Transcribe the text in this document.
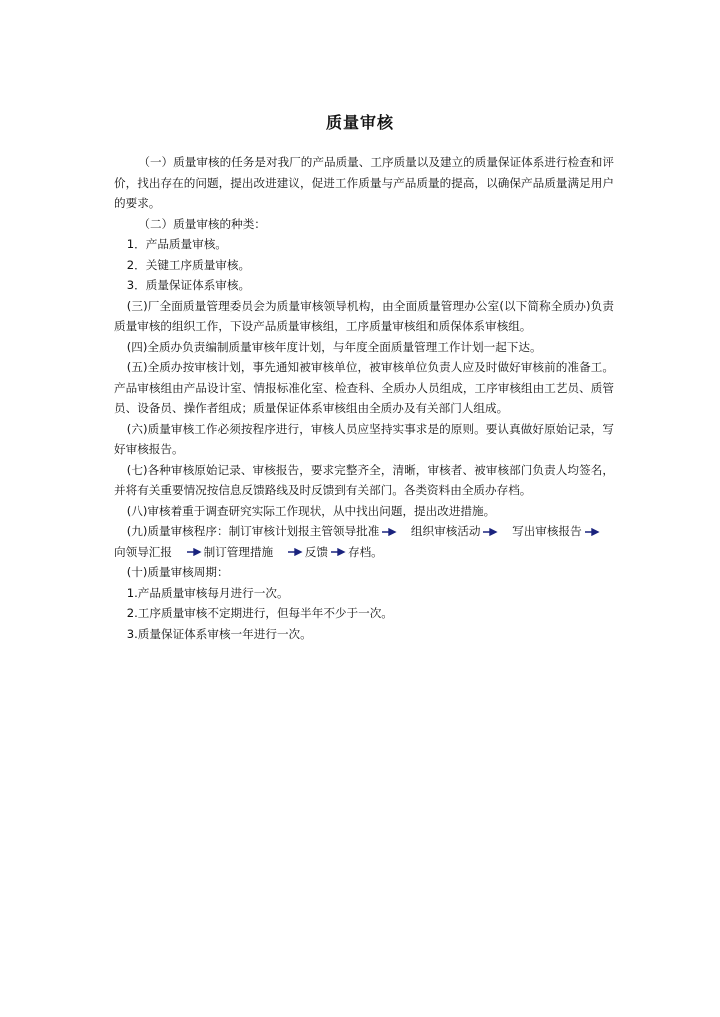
质量审核

（一）质量审核的任务是对我厂的产品质量、工序质量以及建立的质量保证体系进行检查和评价，找出存在的问题，提出改进建议，促进工作质量与产品质量的提高，以确保产品质量满足用户的要求。

（二）质量审核的种类：

1．产品质量审核。

2．关键工序质量审核。

3．质量保证体系审核。

(三)厂全面质量管理委员会为质量审核领导机构，由全面质量管理办公室(以下简称全质办)负责质量审核的组织工作，下设产品质量审核组，工序质量审核组和质保体系审核组。

(四)全质办负责编制质量审核年度计划，与年度全面质量管理工作计划一起下达。

(五)全质办按审核计划，事先通知被审核单位，被审核单位负责人应及时做好审核前的准备工。产品审核组由产品设计室、情报标准化室、检查科、全质办人员组成，工序审核组由工艺员、质管员、设备员、操作者组成；质量保证体系审核组由全质办及有关部门人组成。

(六)质量审核工作必须按程序进行，审核人员应坚持实事求是的原则。要认真做好原始记录，写好审核报告。

(七)各种审核原始记录、审核报告，要求完整齐全，清晰，审核者、被审核部门负责人均签名，并将有关重要情况按信息反馈路线及时反馈到有关部门。各类资料由全质办存档。

(八)审核着重于调查研究实际工作现状，从中找出问题，提出改进措施。

(九)质量审核程序：制订审核计划报主管领导批准
　	组织审核活动
　	写出审核报告

向领导汇报　	制订管理措施　	反馈 存档。

(十)质量审核周期：

1.产品质量审核每月进行一次。

2.工序质量审核不定期进行，但每半年不少于一次。

3.质量保证体系审核一年进行一次。
